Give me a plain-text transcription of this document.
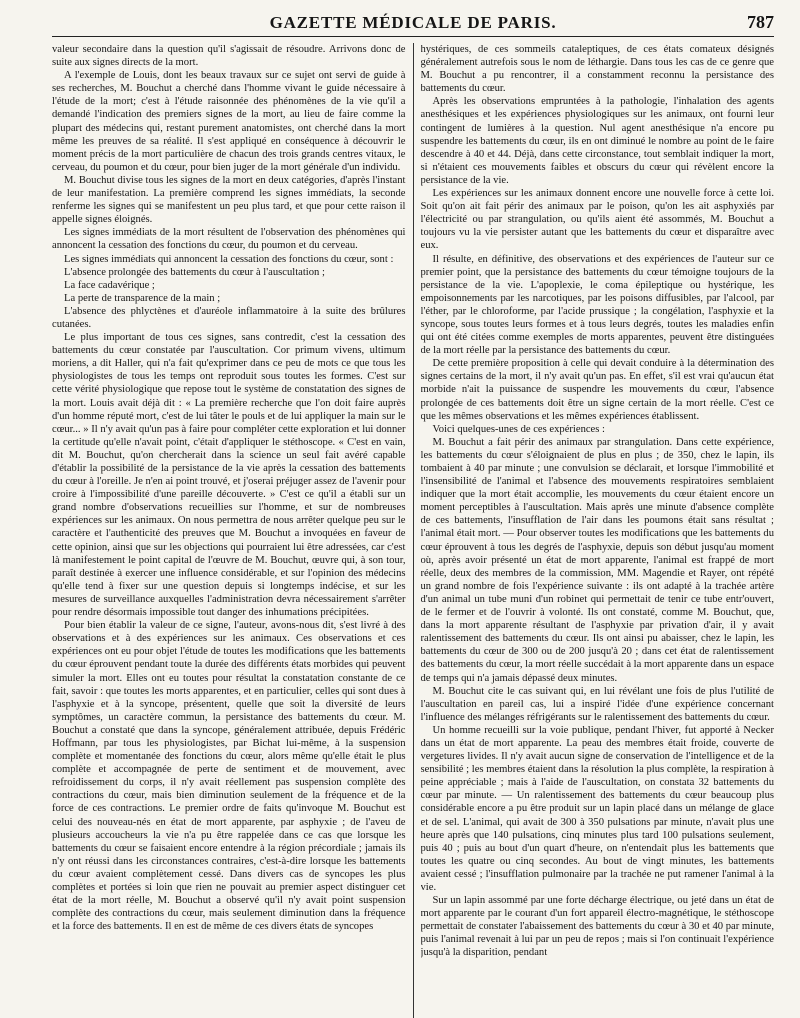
GAZETTE MÉDICALE DE PARIS.	787

valeur secondaire dans la question qu'il s'agissait de résoudre. Arrivons donc de suite aux signes directs de la mort.

A l'exemple de Louis, dont les beaux travaux sur ce sujet ont servi de guide à ses recherches, M. Bouchut a cherché dans l'homme vivant le guide nécessaire à l'étude de la mort; c'est à l'étude raisonnée des phénomènes de la vie qu'il a demandé l'indication des premiers signes de la mort, au lieu de faire comme la plupart des médecins qui, restant purement anatomistes, ont cherché dans la mort même les preuves de sa réalité. Il s'est appliqué en conséquence à découvrir le moment précis de la mort particulière de chacun des trois grands centres vitaux, le cerveau, du poumon et du cœur, pour bien juger de la mort générale d'un individu.

M. Bouchut divise tous les signes de la mort en deux catégories, d'après l'instant de leur manifestation. La première comprend les signes immédiats, la seconde renferme les signes qui se manifestent un peu plus tard, et que pour cette raison il appelle signes éloignés.

Les signes immédiats de la mort résultent de l'observation des phénomènes qui annoncent la cessation des fonctions du cœur, du poumon et du cerveau.

Les signes immédiats qui annoncent la cessation des fonctions du cœur, sont :

L'absence prolongée des battements du cœur à l'auscultation ;

La face cadavérique ;

La perte de transparence de la main ;

L'absence des phlyctènes et d'auréole inflammatoire à la suite des brûlures cutanées.

Le plus important de tous ces signes, sans contredit, c'est la cessation des battements du cœur constatée par l'auscultation. Cor primum vivens, ultimum moriens, a dit Haller, qui n'a fait qu'exprimer dans ce peu de mots ce que tous les physiologistes de tous les temps ont reproduit sous toutes les formes. C'est sur cette vérité physiologique que repose tout le système de constatation des signes de la mort. Louis avait déjà dit : « La première recherche que l'on doit faire auprès d'un homme réputé mort, c'est de lui tâter le pouls et de lui appliquer la main sur le cœur... » Il n'y avait qu'un pas à faire pour compléter cette exploration et lui donner la certitude qu'elle n'avait point, c'était d'appliquer le stéthoscope. « C'est en vain, dit M. Bouchut, qu'on chercherait dans la science un seul fait avéré capable d'établir la possibilité de la persistance de la vie après la cessation des battements du cœur à l'oreille. Je n'en ai point trouvé, et j'oserai préjuger assez de l'avenir pour croire à l'impossibilité d'une pareille découverte. » C'est ce qu'il a établi sur un grand nombre d'observations recueillies sur l'homme, et sur de nombreuses expériences sur les animaux. On nous permettra de nous arrêter quelque peu sur le caractère et l'authenticité des preuves que M. Bouchut a invoquées en faveur de cette opinion, ainsi que sur les objections qui pourraient lui être adressées, car c'est là manifestement le point capital de l'œuvre de M. Bouchut, œuvre qui, à son tour, paraît destinée à exercer une influence considérable, et sur l'opinion des médecins qu'elle tend à fixer sur une question depuis si longtemps indécise, et sur les mesures de surveillance auxquelles l'administration devra nécessairement s'arrêter pour rendre désormais impossible tout danger des inhumations précipitées.

Pour bien établir la valeur de ce signe, l'auteur, avons-nous dit, s'est livré à des observations et à des expériences sur les animaux. Ces observations et ces expériences ont eu pour objet l'étude de toutes les modifications que les battements du cœur éprouvent pendant toute la durée des différents états morbides qui peuvent simuler la mort. Elles ont eu toutes pour résultat la constatation constante de ce fait, savoir : que toutes les morts apparentes, et en particulier, celles qui sont dues à l'asphyxie et à la syncope, présentent, quelle que soit la diversité de leurs symptômes, un caractère commun, la persistance des battements du cœur. M. Bouchut a constaté que dans la syncope, généralement attribuée, depuis Frédéric Hoffmann, par tous les physiologistes, par Bichat lui-même, à la suspension complète et momentanée des fonctions du cœur, alors même qu'elle était le plus complète et accompagnée de perte de sentiment et de mouvement, avec refroidissement du corps, il n'y avait réellement pas suspension complète des contractions du cœur, mais bien diminution seulement de la fréquence et de la force de ces contractions. Le premier ordre de faits qu'invoque M. Bouchut est celui des nouveau-nés en état de mort apparente, par asphyxie ; de l'aveu de plusieurs accoucheurs la vie n'a pu être rappelée dans ce cas que lorsque les battements du cœur se faisaient encore entendre à la région précordiale ; jamais ils n'y ont réussi dans les circonstances contraires, c'est-à-dire lorsque les battements du cœur avaient complètement cessé. Dans divers cas de syncopes les plus complètes et portées si loin que rien ne pouvait au premier aspect distinguer cet état de la mort réelle, M. Bouchut a observé qu'il n'y avait point suspension complète des contractions du cœur, mais seulement diminution dans la fréquence et la force des battements. Il en est de même de ces divers états de syncopes

hystériques, de ces sommeils cataleptiques, de ces états comateux désignés généralement autrefois sous le nom de léthargie. Dans tous les cas de ce genre que M. Bouchut a pu rencontrer, il a constamment reconnu la persistance des battements du cœur.

Après les observations empruntées à la pathologie, l'inhalation des agents anesthésiques et les expériences physiologiques sur les animaux, ont fourni leur contingent de lumières à la question. Nul agent anesthésique n'a encore pu suspendre les battements du cœur, ils en ont diminué le nombre au point de le faire descendre à 40 et 44. Déjà, dans cette circonstance, tout semblait indiquer la mort, si n'étaient ces mouvements faibles et obscurs du cœur qui révèlent encore la persistance de la vie.

Les expériences sur les animaux donnent encore une nouvelle force à cette loi. Soit qu'on ait fait périr des animaux par le poison, qu'on les ait asphyxiés par l'électricité ou par strangulation, ou qu'ils aient été assommés, M. Bouchut a toujours vu la vie persister autant que les battements du cœur et disparaître avec eux.

Il résulte, en définitive, des observations et des expériences de l'auteur sur ce premier point, que la persistance des battements du cœur témoigne toujours de la persistance de la vie. L'apoplexie, le coma épileptique ou hystérique, les empoisonnements par les narcotiques, par les poisons diffusibles, par l'alcool, par l'éther, par le chloroforme, par l'acide prussique ; la congélation, l'asphyxie et la syncope, sous toutes leurs formes et à tous leurs degrés, toutes les maladies enfin qui ont été citées comme exemples de morts apparentes, peuvent être distinguées de la mort réelle par la persistance des battements du cœur.

De cette première proposition à celle qui devait conduire à la détermination des signes certains de la mort, il n'y avait qu'un pas. En effet, s'il est vrai qu'aucun état morbide n'ait la puissance de suspendre les mouvements du cœur, l'absence prolongée de ces battements doit être un signe certain de la mort réelle. C'est ce que les mêmes observations et les mêmes expériences établissent.

Voici quelques-unes de ces expériences :

M. Bouchut a fait périr des animaux par strangulation. Dans cette expérience, les battements du cœur s'éloignaient de plus en plus ; de 350, chez le lapin, ils tombaient à 40 par minute ; une convulsion se déclarait, et lorsque l'immobilité et l'insensibilité de l'animal et l'absence des mouvements respiratoires semblaient indiquer que la mort était accomplie, les mouvements du cœur étaient encore un moment perceptibles à l'auscultation. Mais après une minute d'absence complète de ces battements, l'insufflation de l'air dans les poumons était sans résultat ; l'animal était mort. — Pour observer toutes les modifications que les battements du cœur éprouvent à tous les degrés de l'asphyxie, depuis son début jusqu'au moment où, après avoir présenté un état de mort apparente, l'animal est frappé de mort réelle, deux des membres de la commission, MM. Magendie et Rayer, ont répété un grand nombre de fois l'expérience suivante : ils ont adapté à la trachée artère d'un animal un tube muni d'un robinet qui permettait de tenir ce tube entr'ouvert, de le fermer et de l'ouvrir à volonté. Ils ont constaté, comme M. Bouchut, que, dans la mort apparente résultant de l'asphyxie par privation d'air, il y avait ralentissement des battements du cœur. Ils ont ainsi pu abaisser, chez le lapin, les battements du cœur de 300 ou de 200 jusqu'à 20 ; dans cet état de ralentissement des battements du cœur, la mort réelle succédait à la mort apparente dans un espace de temps qui n'a jamais dépassé deux minutes.

M. Bouchut cite le cas suivant qui, en lui révélant une fois de plus l'utilité de l'auscultation en pareil cas, lui a inspiré l'idée d'une expérience concernant l'influence des mélanges réfrigérants sur le ralentissement des battements du cœur.

Un homme recueilli sur la voie publique, pendant l'hiver, fut apporté à Necker dans un état de mort apparente. La peau des membres était froide, couverte de vergetures livides. Il n'y avait aucun signe de conservation de l'intelligence et de la sensibilité ; les membres étaient dans la résolution la plus complète, la respiration à peine appréciable ; mais à l'aide de l'auscultation, on constata 32 battements du cœur par minute. — Un ralentissement des battements du cœur beaucoup plus considérable encore a pu être produit sur un lapin placé dans un mélange de glace et de sel. L'animal, qui avait de 300 à 350 pulsations par minute, n'avait plus une heure après que 140 pulsations, cinq minutes plus tard 100 pulsations seulement, puis 40 ; puis au bout d'un quart d'heure, on n'entendait plus les battements que toutes les quatre ou cinq secondes. Au bout de vingt minutes, les battements avaient cessé ; l'insufflation pulmonaire par la trachée ne put ramener l'animal à la vie.

Sur un lapin assommé par une forte décharge électrique, ou jeté dans un état de mort apparente par le courant d'un fort appareil électro-magnétique, le stéthoscope permettait de constater l'abaissement des battements du cœur à 30 et 40 par minute, puis l'animal revenait à lui par un peu de repos ; mais si l'on continuait l'expérience jusqu'à la disparition, pendant
